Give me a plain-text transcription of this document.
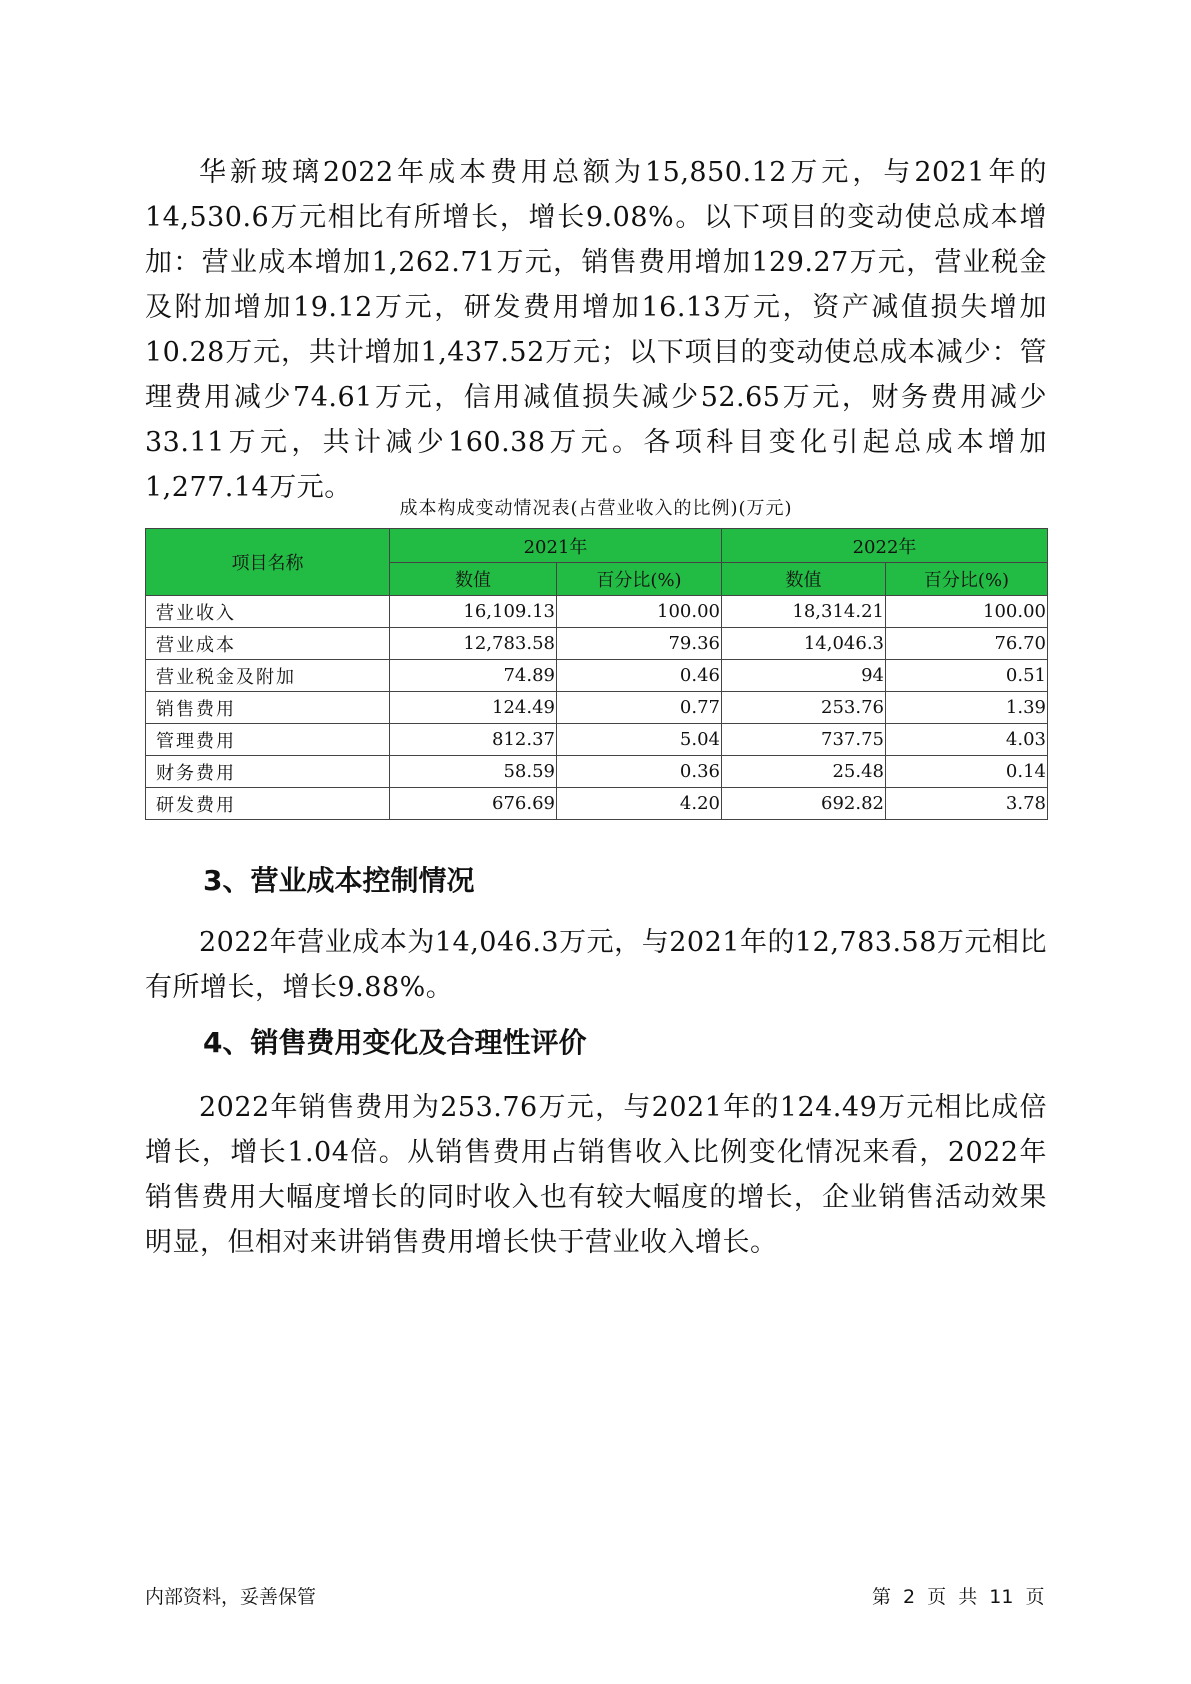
华新玻璃2022年成本费用总额为15,850.12万元，与2021年的14,530.6万元相比有所增长，增长9.08%。以下项目的变动使总成本增加：营业成本增加1,262.71万元，销售费用增加129.27万元，营业税金及附加增加19.12万元，研发费用增加16.13万元，资产减值损失增加10.28万元，共计增加1,437.52万元；以下项目的变动使总成本减少：管理费用减少74.61万元，信用减值损失减少52.65万元，财务费用减少33.11万元，共计减少160.38万元。各项科目变化引起总成本增加1,277.14万元。

成本构成变动情况表(占营业收入的比例)(万元)
项目名称	2021年		2022年	
	数值	百分比(%)	数值	百分比(%)
营业收入	16,109.13	100.00	18,314.21	100.00
营业成本	12,783.58	79.36	14,046.3	76.70
营业税金及附加	74.89	0.46	94	0.51
销售费用	124.49	0.77	253.76	1.39
管理费用	812.37	5.04	737.75	4.03
财务费用	58.59	0.36	25.48	0.14
研发费用	676.69	4.20	692.82	3.78
3、营业成本控制情况

2022年营业成本为14,046.3万元，与2021年的12,783.58万元相比有所增长，增长9.88%。

4、销售费用变化及合理性评价

2022年销售费用为253.76万元，与2021年的124.49万元相比成倍增长，增长1.04倍。从销售费用占销售收入比例变化情况来看，2022年销售费用大幅度增长的同时收入也有较大幅度的增长，企业销售活动效果明显，但相对来讲销售费用增长快于营业收入增长。

内部资料，妥善保管	第 2 页 共 11 页
